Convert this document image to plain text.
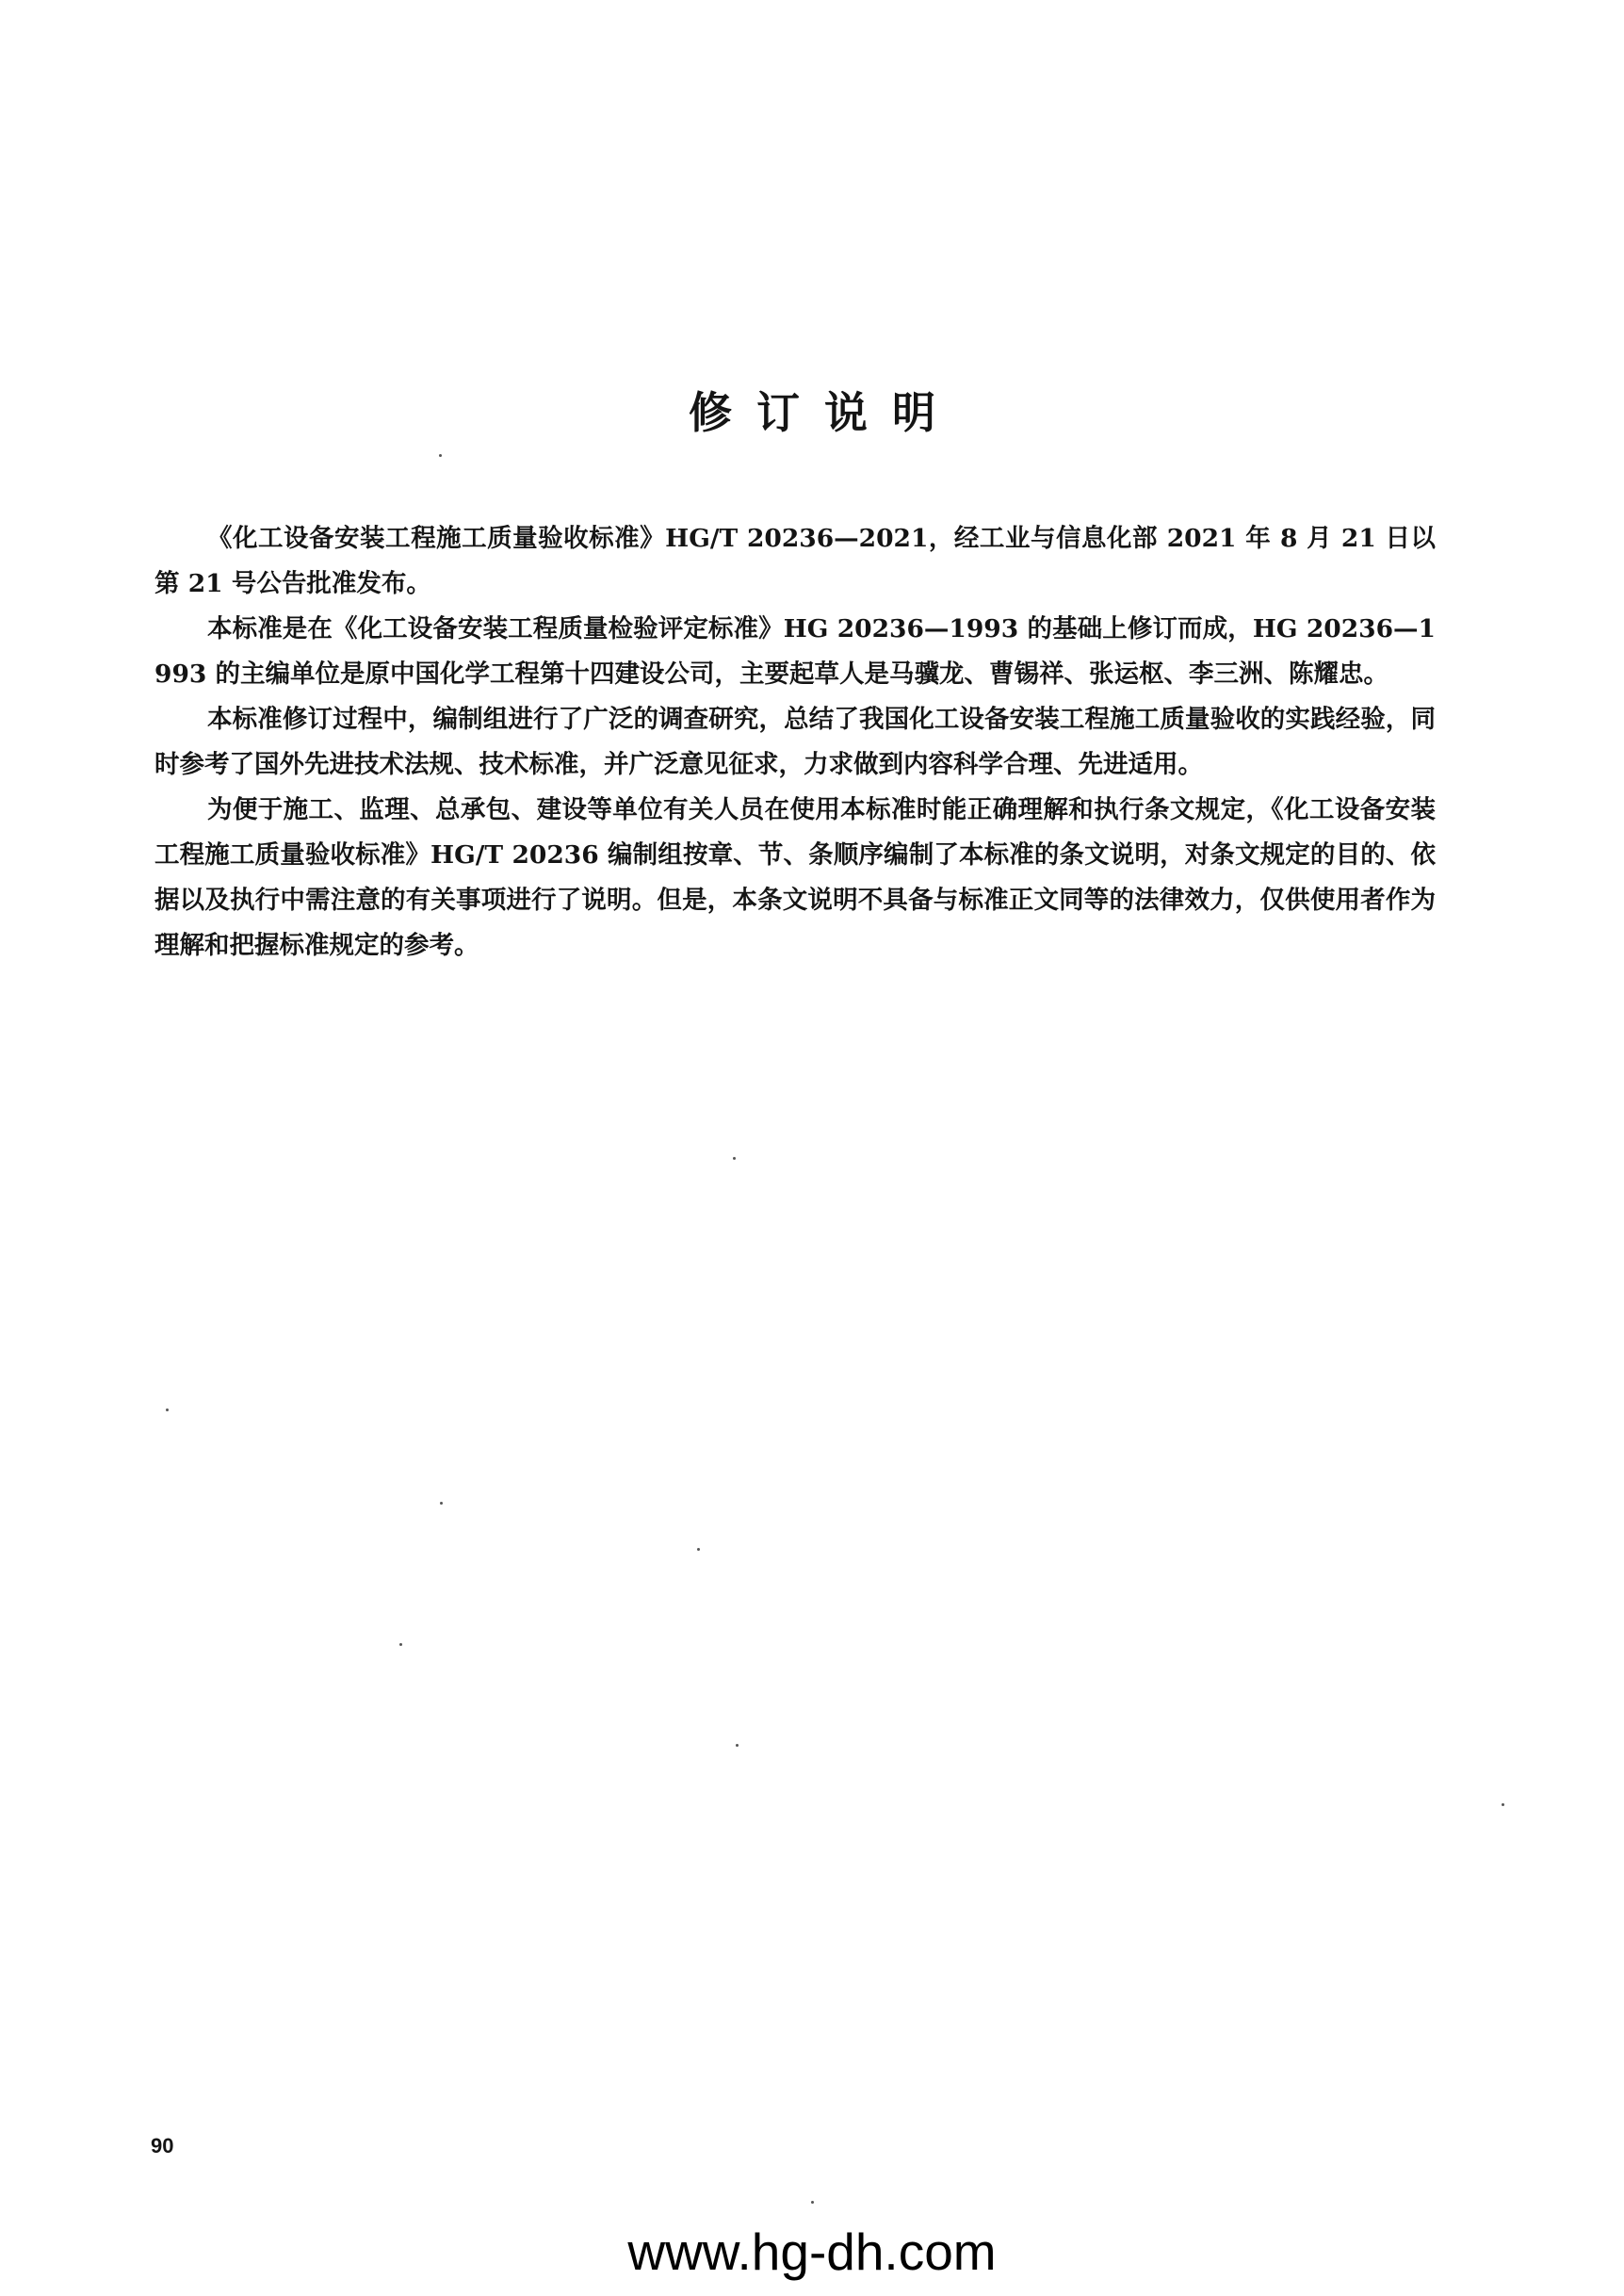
修订说明

《化工设备安装工程施工质量验收标准》HG/T 20236—2021，经工业与信息化部 2021 年 8 月 21 日以第 21 号公告批准发布。

本标准是在《化工设备安装工程质量检验评定标准》HG 20236—1993 的基础上修订而成，HG 20236—1993 的主编单位是原中国化学工程第十四建设公司，主要起草人是马骥龙、曹锡祥、张运枢、李三洲、陈耀忠。

本标准修订过程中，编制组进行了广泛的调查研究，总结了我国化工设备安装工程施工质量验收的实践经验，同时参考了国外先进技术法规、技术标准，并广泛意见征求，力求做到内容科学合理、先进适用。

为便于施工、监理、总承包、建设等单位有关人员在使用本标准时能正确理解和执行条文规定，《化工设备安装工程施工质量验收标准》HG/T 20236 编制组按章、节、条顺序编制了本标准的条文说明，对条文规定的目的、依据以及执行中需注意的有关事项进行了说明。但是，本条文说明不具备与标准正文同等的法律效力，仅供使用者作为理解和把握标准规定的参考。

90
www.hg-dh.com
